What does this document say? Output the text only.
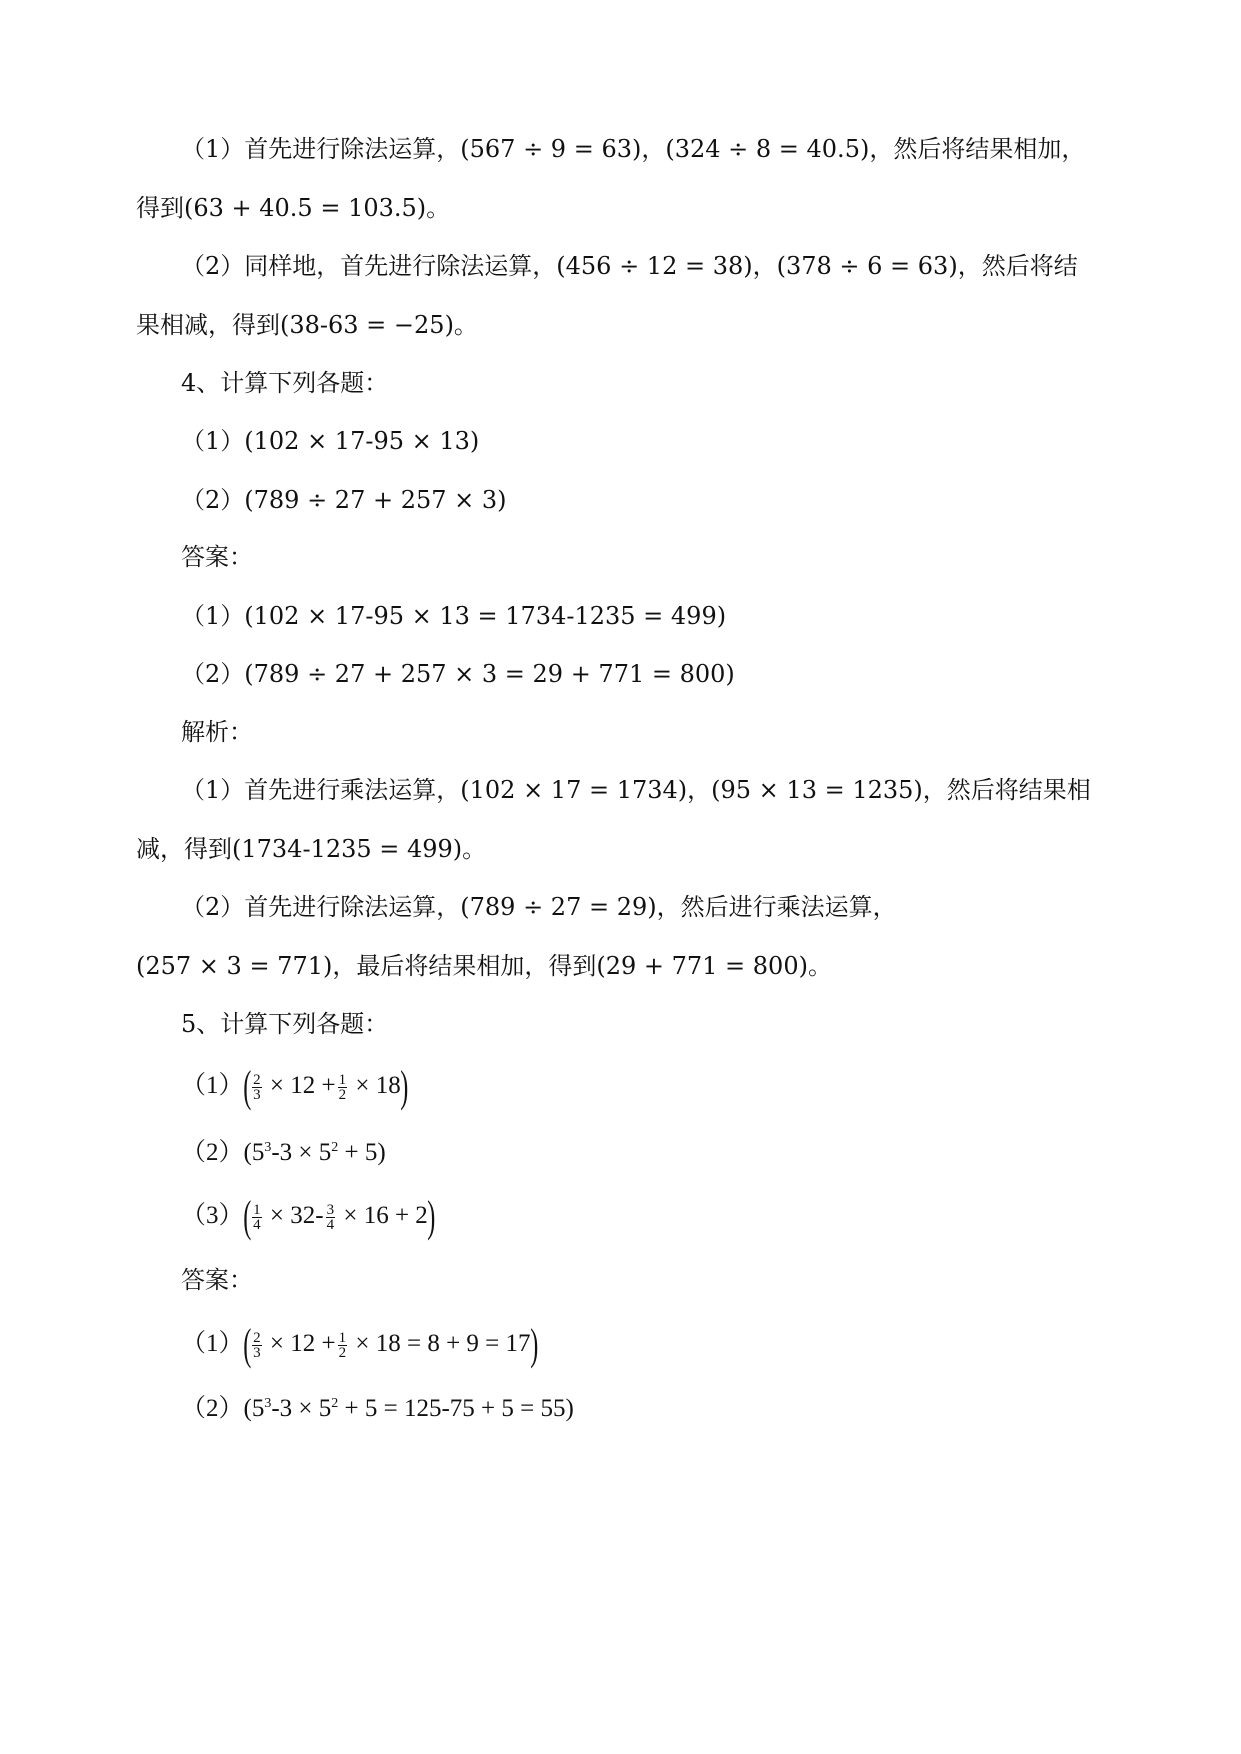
（1）首先进行除法运算，(567 ÷ 9 = 63)，(324 ÷ 8 = 40.5)，然后将结果相加，
得到(63 + 40.5 = 103.5)。
（2）同样地，首先进行除法运算，(456 ÷ 12 = 38)，(378 ÷ 6 = 63)，然后将结
果相减，得到(38-63 = −25)。
4、计算下列各题：
（1）(102 × 17-95 × 13)
（2）(789 ÷ 27 + 257 × 3)
答案：
（1）(102 × 17-95 × 13 = 1734-1235 = 499)
（2）(789 ÷ 27 + 257 × 3 = 29 + 771 = 800)
解析：
（1）首先进行乘法运算，(102 × 17 = 1734)，(95 × 13 = 1235)，然后将结果相
减，得到(1734-1235 = 499)。
（2）首先进行除法运算，(789 ÷ 27 = 29)，然后进行乘法运算，
(257 × 3 = 771)，最后将结果相加，得到(29 + 771 = 800)。
5、计算下列各题：
$(1)( \frac{2}{3} \times 12 + \frac{1}{2} \times 18)$
$(2)(5^3-3 \times 5^2 + 5)$
$(3)( \frac{1}{4} \times 32- \frac{3}{4} \times 16 + 2)$
答案：
$(1)( \frac{2}{3} \times 12 + \frac{1}{2} \times 18 = 8 + 9 = 17)$
$(2)(5^3-3 \times 5^2 + 5 = 125-75 + 5 = 55)$
